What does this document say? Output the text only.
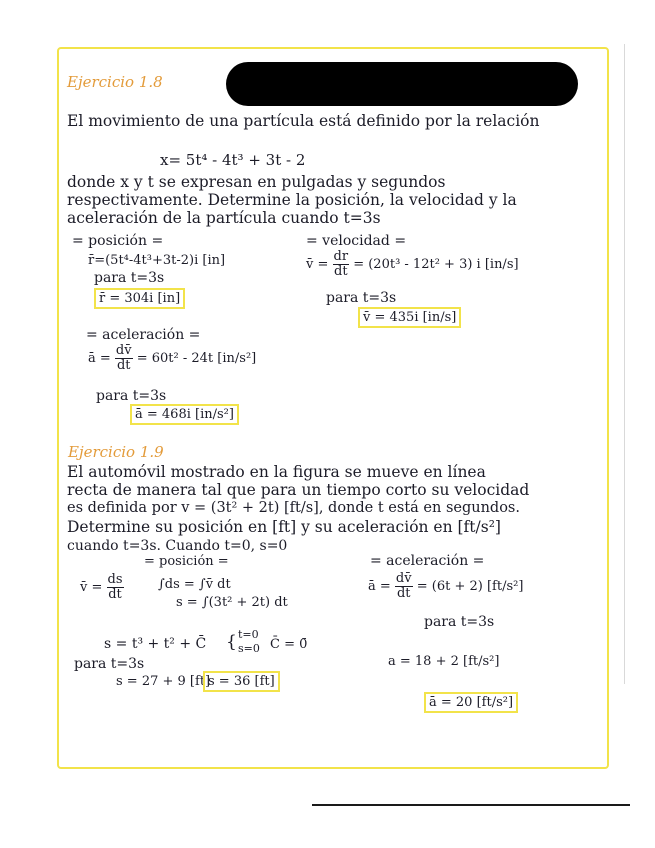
Ejercicio 1.8
El movimiento de una partícula está definido por la relación
x= 5t⁴ - 4t³ + 3t - 2
donde x y t se expresan en pulgadas y segundos
respectivamente. Determine la posición, la velocidad y la
aceleración de la partícula cuando t=3s
= posición =
r̄=(5t⁴-4t³+3t-2)i [in]
para t=3s
r̄ = 304i [in]
= velocidad =
v̄ = $\frac{dr}{dt} = (20t^3 - 12t^2 + 3)$ i [in/s]
para t=3s
v̄ = 435i [in/s]
= aceleración =
ā = $\frac{dv̄}{dt} = 60t^2 - 24t$ [in/s²]
para t=3s
ā = 468i [in/s²]
Ejercicio 1.9
El automóvil mostrado en la figura se mueve en línea
recta de manera tal que para un tiempo corto su velocidad
es definida por v = (3t² + 2t) [ft/s], donde t está en segundos.
Determine su posición en [ft] y su aceleración en [ft/s²]
cuando t=3s. Cuando t=0, s=0
= posición =
v̄ = $\frac{ds}{dt}$	∫ds = ∫v̄ dt
s = ∫(3t² + 2t) dt
s = t³ + t² + C̄ { t=0
s=0 C̄ = 0̄
para t=3s
s = 27 + 9 [ft]
s = 36 [ft]
= aceleración =
ā = $\frac{dv̄}{dt} = (6t + 2)$ [ft/s²]
para t=3s
a = 18 + 2 [ft/s²]
ā = 20 [ft/s²]
